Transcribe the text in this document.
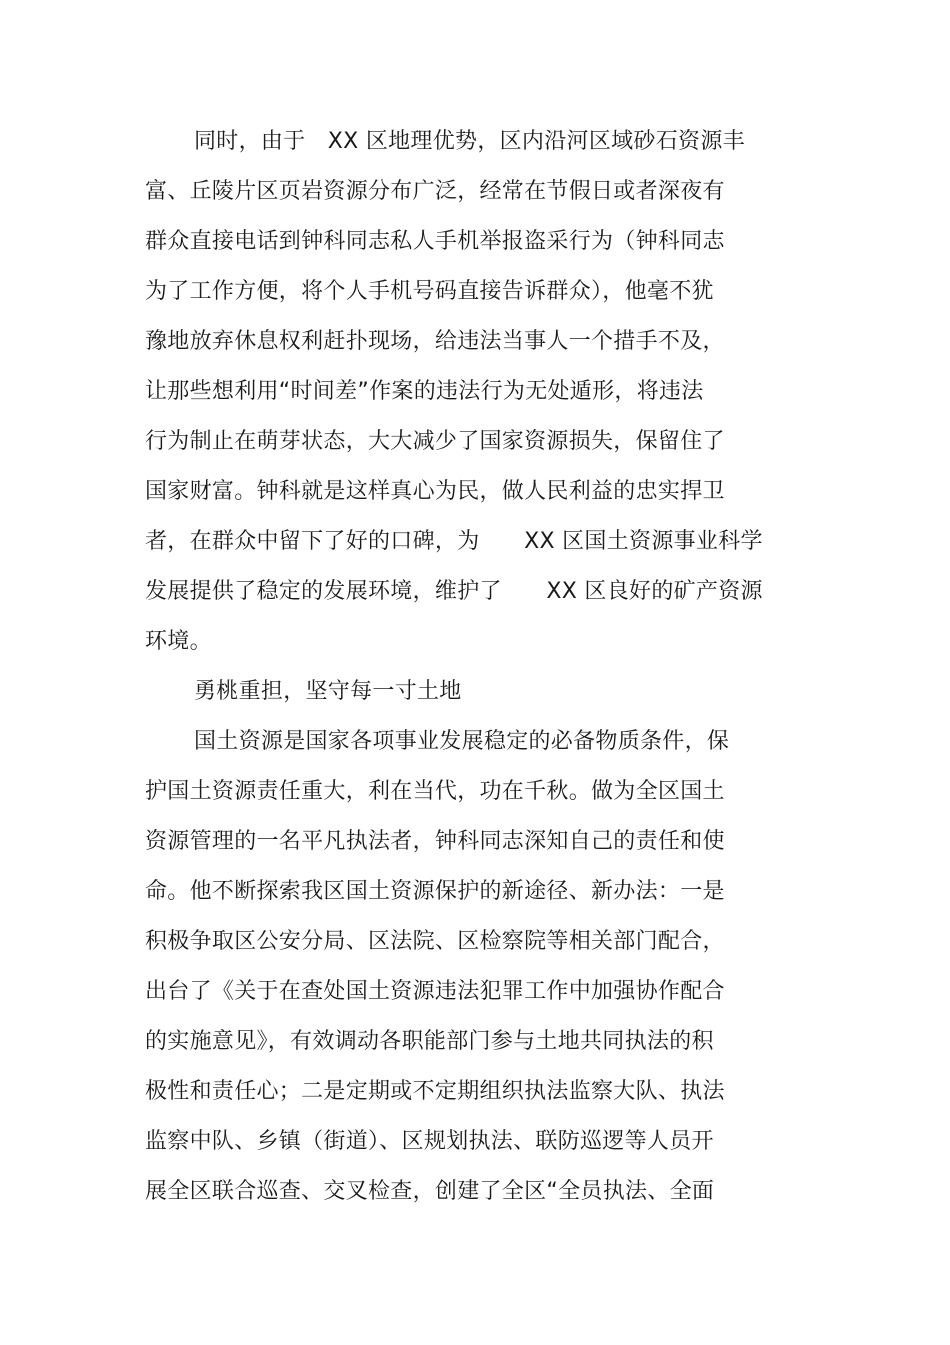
同时，由于　XX 区地理优势，区内沿河区域砂石资源丰
富、丘陵片区页岩资源分布广泛，经常在节假日或者深夜有
群众直接电话到钟科同志私人手机举报盗采行为（钟科同志
为了工作方便，将个人手机号码直接告诉群众），他毫不犹
豫地放弃休息权利赶扑现场，给违法当事人一个措手不及，
让那些想利用“时间差”作案的违法行为无处遁形，将违法
行为制止在萌芽状态，大大减少了国家资源损失，保留住了
国家财富。钟科就是这样真心为民，做人民利益的忠实捍卫
者，在群众中留下了好的口碑，为　　XX 区国土资源事业科学
发展提供了稳定的发展环境，维护了　　XX 区良好的矿产资源
环境。
勇桃重担，坚守每一寸土地
国土资源是国家各项事业发展稳定的必备物质条件，保
护国土资源责任重大，利在当代，功在千秋。做为全区国土
资源管理的一名平凡执法者，钟科同志深知自己的责任和使
命。他不断探索我区国土资源保护的新途径、新办法：一是
积极争取区公安分局、区法院、区检察院等相关部门配合，
出台了《关于在查处国土资源违法犯罪工作中加强协作配合
的实施意见》，有效调动各职能部门参与土地共同执法的积
极性和责任心；二是定期或不定期组织执法监察大队、执法
监察中队、乡镇（街道）、区规划执法、联防巡逻等人员开
展全区联合巡查、交叉检查，创建了全区“全员执法、全面
